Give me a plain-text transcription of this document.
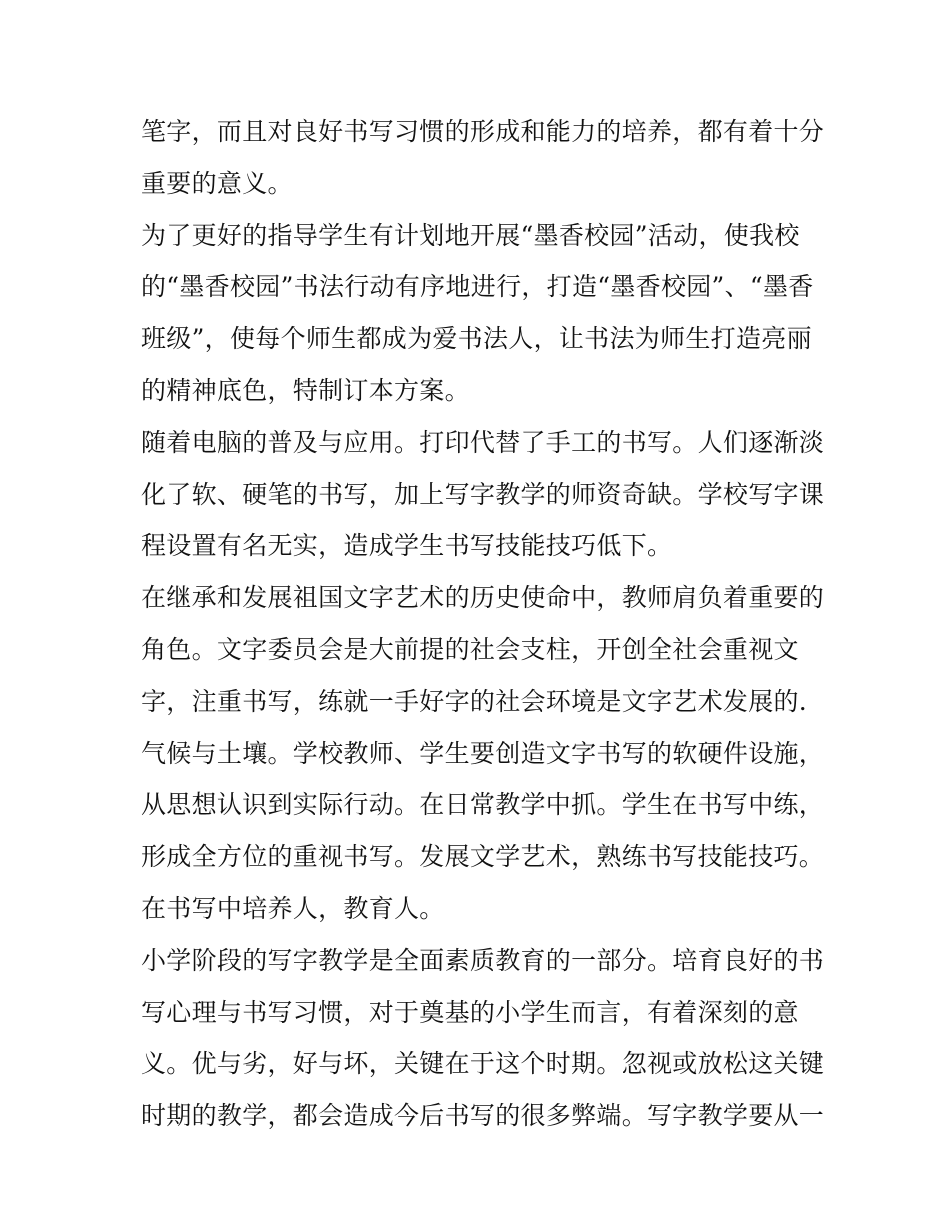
笔字，而且对良好书写习惯的形成和能力的培养，都有着十分
重要的意义。
为了更好的指导学生有计划地开展“墨香校园”活动，使我校
的“墨香校园”书法行动有序地进行，打造“墨香校园”、“墨香
班级”，使每个师生都成为爱书法人，让书法为师生打造亮丽
的精神底色，特制订本方案。
随着电脑的普及与应用。打印代替了手工的书写。人们逐渐淡
化了软、硬笔的书写，加上写字教学的师资奇缺。学校写字课
程设置有名无实，造成学生书写技能技巧低下。
在继承和发展祖国文字艺术的历史使命中，教师肩负着重要的
角色。文字委员会是大前提的社会支柱，开创全社会重视文
字，注重书写，练就一手好字的社会环境是文字艺术发展的.
气候与土壤。学校教师、学生要创造文字书写的软硬件设施，
从思想认识到实际行动。在日常教学中抓。学生在书写中练，
形成全方位的重视书写。发展文学艺术，熟练书写技能技巧。
在书写中培养人，教育人。
小学阶段的写字教学是全面素质教育的一部分。培育良好的书
写心理与书写习惯，对于奠基的小学生而言，有着深刻的意
义。优与劣，好与坏，关键在于这个时期。忽视或放松这关键
时期的教学，都会造成今后书写的很多弊端。写字教学要从一
